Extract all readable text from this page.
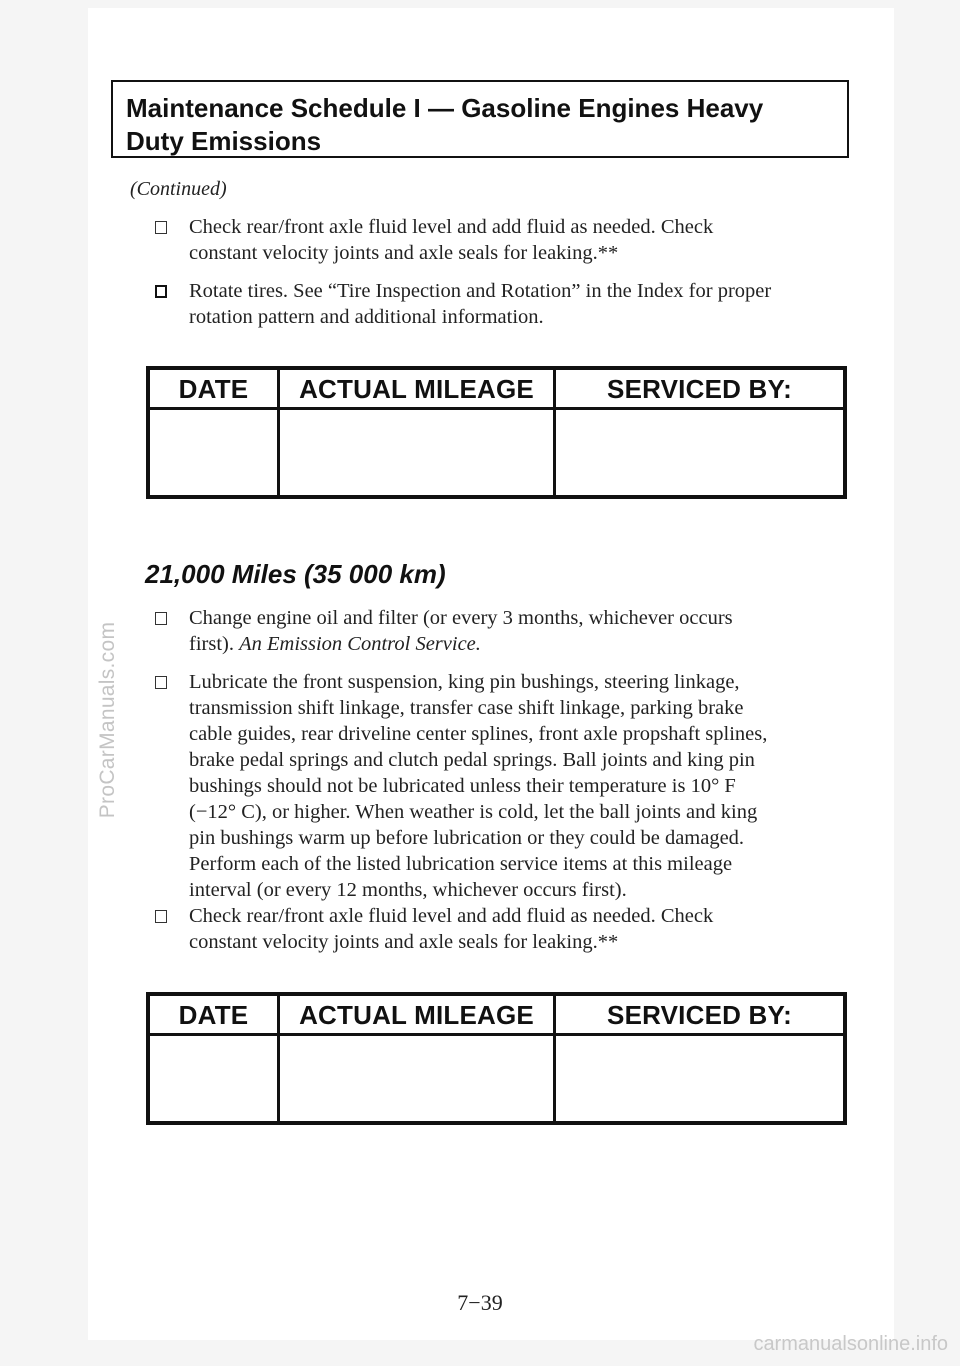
ProCarManuals.com
Maintenance Schedule I — Gasoline Engines Heavy
Duty Emissions
(Continued)
Check rear/front axle fluid level and add fluid as needed. Check
constant velocity joints and axle seals for leaking.**
Rotate tires. See “Tire Inspection and Rotation” in the Index for proper
rotation pattern and additional information.
DATE	ACTUAL MILEAGE	SERVICED BY:
21,000 Miles (35 000 km)
Change engine oil and filter (or every 3 months, whichever occurs
first). An Emission Control Service.
Lubricate the front suspension, king pin bushings, steering linkage,
transmission shift linkage, transfer case shift linkage, parking brake
cable guides, rear driveline center splines, front axle propshaft splines,
brake pedal springs and clutch pedal springs. Ball joints and king pin
bushings should not be lubricated unless their temperature is 10° F
(−12° C), or higher. When weather is cold, let the ball joints and king
pin bushings warm up before lubrication or they could be damaged.
Perform each of the listed lubrication service items at this mileage
interval (or every 12 months, whichever occurs first).
Check rear/front axle fluid level and add fluid as needed. Check
constant velocity joints and axle seals for leaking.**
DATE	ACTUAL MILEAGE	SERVICED BY:
7−39
carmanualsonline.info
